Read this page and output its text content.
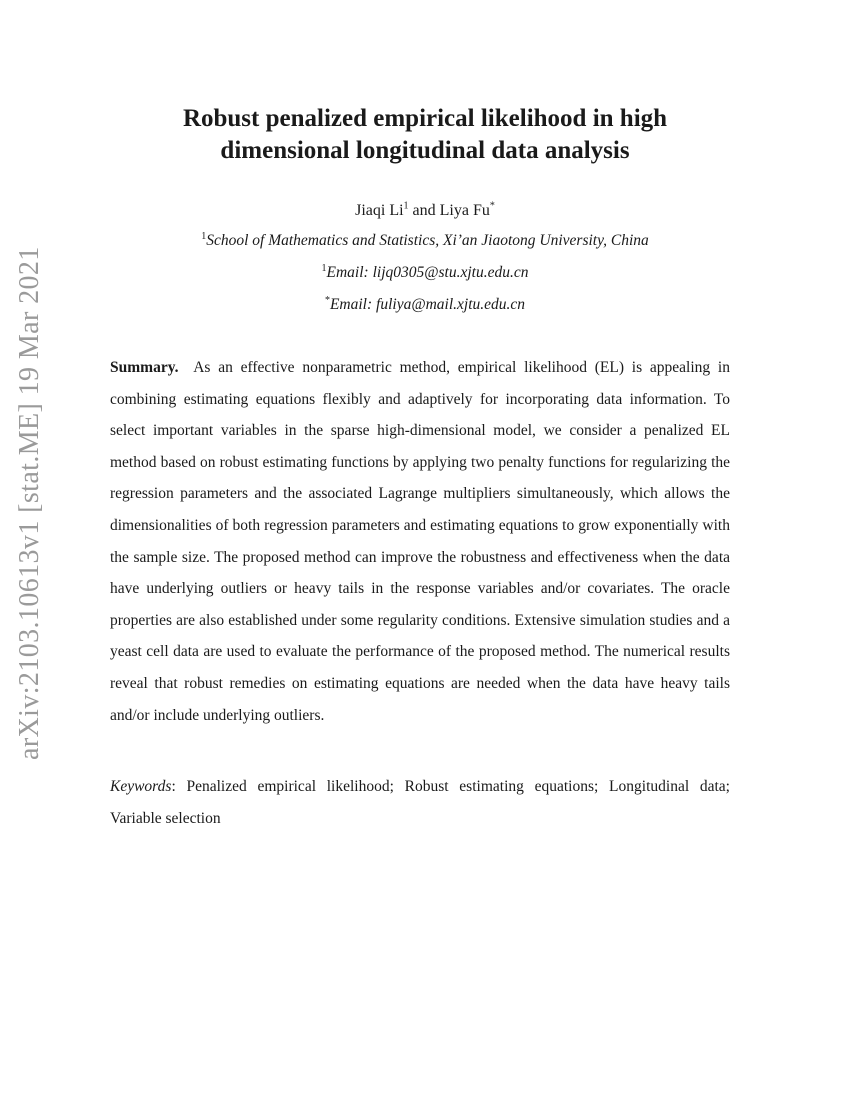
arXiv:2103.10613v1 [stat.ME] 19 Mar 2021
Robust penalized empirical likelihood in high
dimensional longitudinal data analysis
Jiaqi Li$^1$ and Liya Fu*
$^1$School of Mathematics and Statistics, Xi’an Jiaotong University, China
$^1$Email: lijq0305@stu.xjtu.edu.cn
*Email: fuliya@mail.xjtu.edu.cn
Summary. As an effective nonparametric method, empirical likelihood (EL) is appealing in combining estimating equations flexibly and adaptively for incorporating data information. To select important variables in the sparse high-dimensional model, we consider a penalized EL method based on robust estimating functions by applying two penalty functions for regularizing the regression parameters and the associated Lagrange multipliers simultaneously, which allows the dimensionalities of both regression parameters and estimating equations to grow exponentially with the sample size. The proposed method can improve the robustness and effectiveness when the data have underlying outliers or heavy tails in the response variables and/or covariates. The oracle properties are also established under some regularity conditions. Extensive simulation studies and a yeast cell data are used to evaluate the performance of the proposed method. The numerical results reveal that robust remedies on estimating equations are needed when the data have heavy tails and/or include underlying outliers.
Keywords: Penalized empirical likelihood; Robust estimating equations; Longitudinal data; Variable selection
